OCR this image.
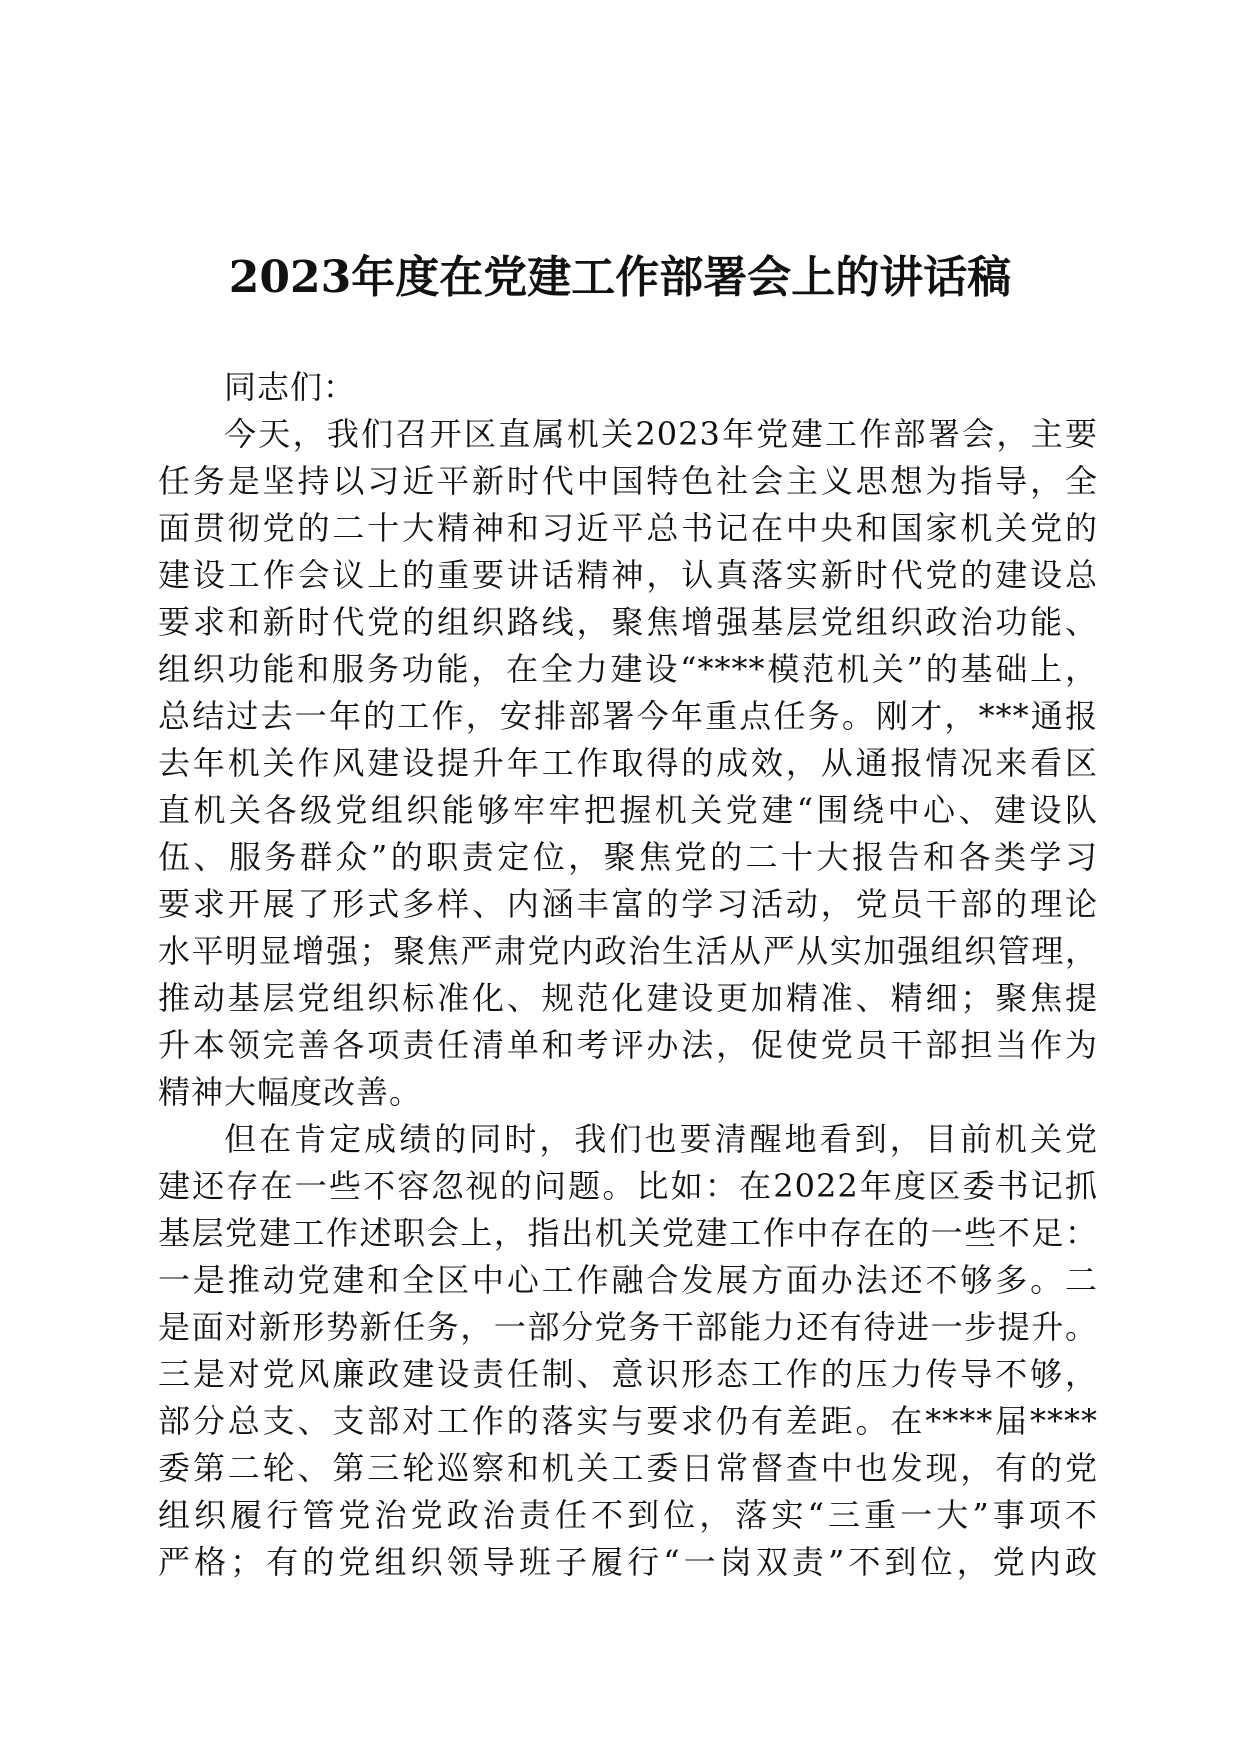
2023年度在党建工作部署会上的讲话稿
同志们：
今天，我们召开区直属机关2023年党建工作部署会，主要
任务是坚持以习近平新时代中国特色社会主义思想为指导，全
面贯彻党的二十大精神和习近平总书记在中央和国家机关党的
建设工作会议上的重要讲话精神，认真落实新时代党的建设总
要求和新时代党的组织路线，聚焦增强基层党组织政治功能、
组织功能和服务功能，在全力建设“****模范机关”的基础上，
总结过去一年的工作，安排部署今年重点任务。刚才，***通报
去年机关作风建设提升年工作取得的成效，从通报情况来看区
直机关各级党组织能够牢牢把握机关党建“围绕中心、建设队
伍、服务群众”的职责定位，聚焦党的二十大报告和各类学习
要求开展了形式多样、内涵丰富的学习活动，党员干部的理论
水平明显增强；聚焦严肃党内政治生活从严从实加强组织管理，
推动基层党组织标准化、规范化建设更加精准、精细；聚焦提
升本领完善各项责任清单和考评办法，促使党员干部担当作为
精神大幅度改善。
但在肯定成绩的同时，我们也要清醒地看到，目前机关党
建还存在一些不容忽视的问题。比如：在2022年度区委书记抓
基层党建工作述职会上，指出机关党建工作中存在的一些不足：
一是推动党建和全区中心工作融合发展方面办法还不够多。二
是面对新形势新任务，一部分党务干部能力还有待进一步提升。
三是对党风廉政建设责任制、意识形态工作的压力传导不够，
部分总支、支部对工作的落实与要求仍有差距。在****届****
委第二轮、第三轮巡察和机关工委日常督查中也发现，有的党
组织履行管党治党政治责任不到位，落实“三重一大”事项不
严格；有的党组织领导班子履行“一岗双责”不到位，党内政
